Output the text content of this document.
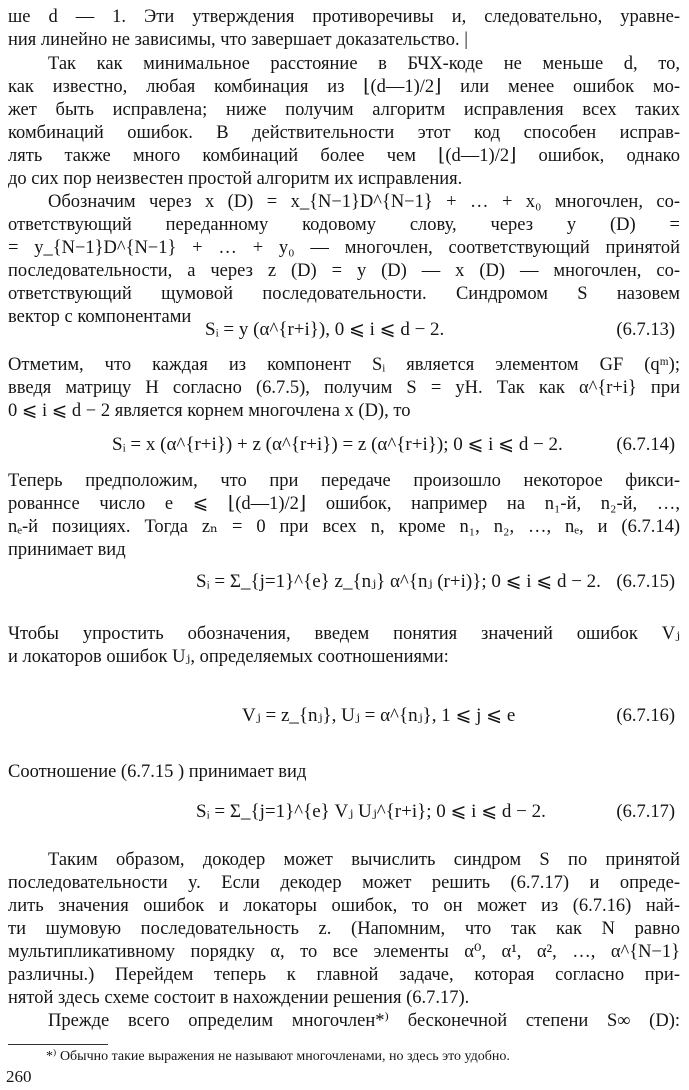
ше d — 1. Эти утверждения противоречивы и, следовательно, уравне-
ния линейно не зависимы, что завершает доказательство. |
Так как минимальное расстояние в БЧХ-коде не меньше d, то,
как известно, любая комбинация из ⌊(d—1)/2⌋ или менее ошибок мо-
жет быть исправлена; ниже получим алгоритм исправления всех таких
комбинаций ошибок. В действительности этот код способен исправ-
лять также много комбинаций более чем ⌊(d—1)/2⌋ ошибок, однако
до сих пор неизвестен простой алгоритм их исправления.
Обозначим через x (D) = x_{N−1}D^{N−1} + … + x₀ многочлен, со-
ответствующий переданному кодовому слову, через y (D) =
= y_{N−1}D^{N−1} + … + y₀ — многочлен, соответствующий принятой
последовательности, а через z (D) = y (D) — x (D) — многочлен, со-
ответствующий щумовой последовательности. Синдромом S назовем
вектор с компонентами
Sᵢ = y (α^{r+i}), 0 ⩽ i ⩽ d − 2.	(6.7.13)
Отметим, что каждая из компонент Sᵢ является элементом GF (qᵐ);
введя матрицу H согласно (6.7.5), получим S = yH. Так как α^{r+i} при
0 ⩽ i ⩽ d − 2 является корнем многочлена x (D), то
Sᵢ = x (α^{r+i}) + z (α^{r+i}) = z (α^{r+i}); 0 ⩽ i ⩽ d − 2.	(6.7.14)
Теперь предположим, что при передаче произошло некоторое фикси-
рованнсе число e ⩽ ⌊(d—1)/2⌋ ошибок, например на n₁-й, n₂-й, …,
nₑ-й позициях. Тогда zₙ = 0 при всех n, кроме n₁, n₂, …, nₑ, и (6.7.14)
принимает вид
Sᵢ = Σ_{j=1}^{e} z_{nⱼ} α^{nⱼ (r+i)}; 0 ⩽ i ⩽ d − 2. (6.7.15)
Чтобы упростить обозначения, введем понятия значений ошибок Vⱼ
и локаторов ошибок Uⱼ, определяемых соотношениями:
Vⱼ = z_{nⱼ}, Uⱼ = α^{nⱼ}, 1 ⩽ j ⩽ e	(6.7.16)
Соотношение (6.7.15 ) принимает вид
Sᵢ = Σ_{j=1}^{e} Vⱼ Uⱼ^{r+i}; 0 ⩽ i ⩽ d − 2.	(6.7.17)
Таким образом, докодер может вычислить синдром S по принятой
последовательности y. Если декодер может решить (6.7.17) и опреде-
лить значения ошибок и локаторы ошибок, то он может из (6.7.16) най-
ти шумовую последовательность z. (Напомним, что так как N равно
мультипликативному порядку α, то все элементы α⁰, α¹, α², …, α^{N−1}
различны.) Перейдем теперь к главной задаче, которая согласно при-
нятой здесь схеме состоит в нахождении решения (6.7.17).
Прежде всего определим многочлен*⁾ бесконечной степени S∞ (D):
*⁾ Обычно такие выражения не называют многочленами, но здесь это удобно.
260
